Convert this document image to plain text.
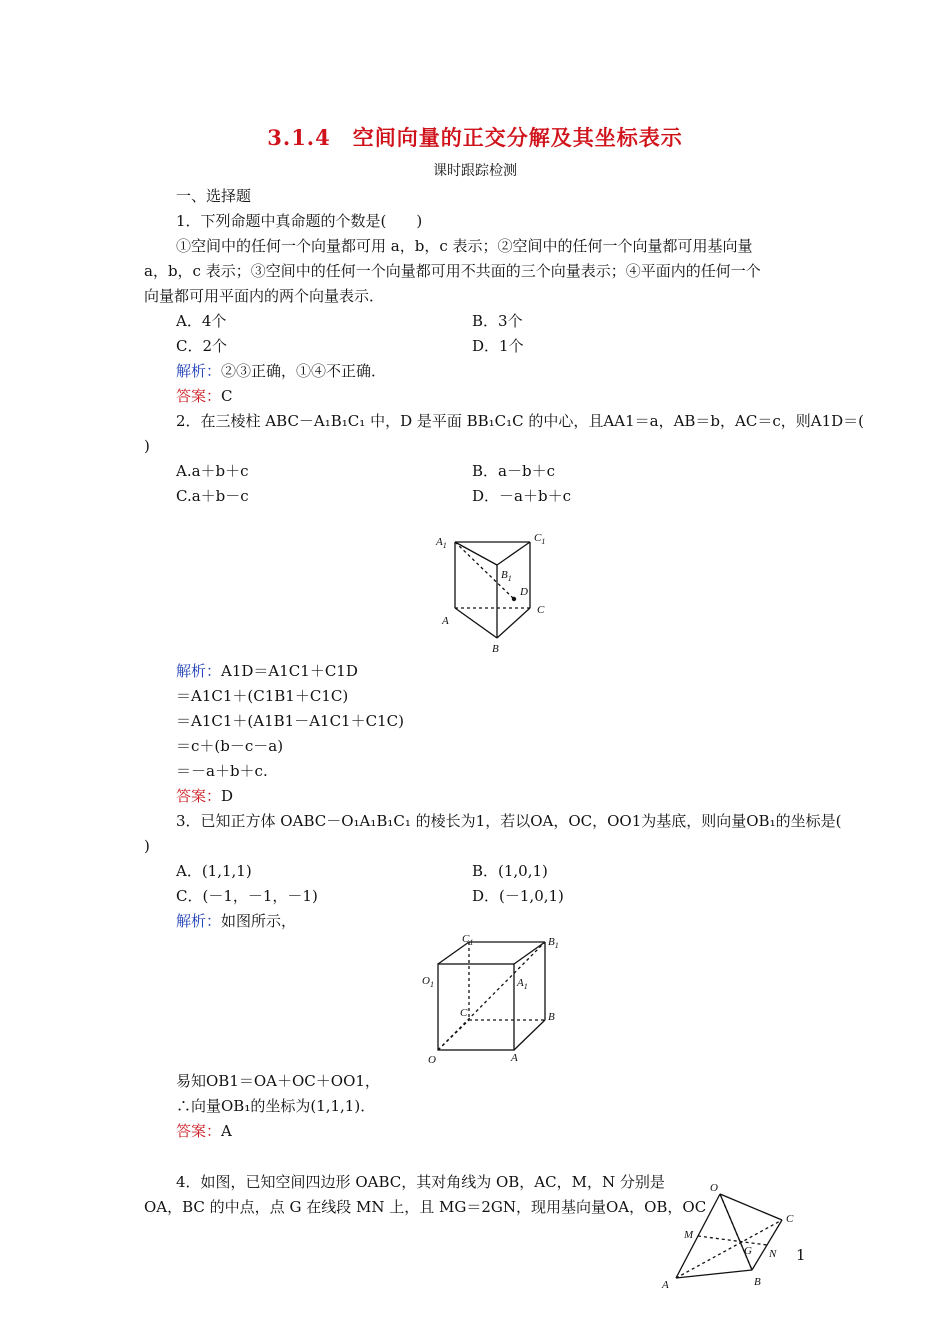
3.1.4　空间向量的正交分解及其坐标表示
课时跟踪检测
一、选择题
1．下列命题中真命题的个数是(　　)
①空间中的任何一个向量都可用 a，b，c 表示；②空间中的任何一个向量都可用基向量
a，b，c 表示；③空间中的任何一个向量都可用不共面的三个向量表示；④平面内的任何一个
向量都可用平面内的两个向量表示．
A．4个	B．3个
C．2个	D．1个
解析：②③正确，①④不正确．
答案：C
2．在三棱柱 ABC－A₁B₁C₁ 中，D 是平面 BB₁C₁C 的中心，且AA1＝a，AB＝b，AC＝c，则A1D＝(
)
A.a＋b＋c	B．a－b＋c
C.a＋b－c	D．－a＋b＋c
$A_1$
$C_1$
$B_1$
D
C
A
B
解析：A1D＝A1C1＋C1D
＝A1C1＋(C1B1＋C1C)
＝A1C1＋(A1B1－A1C1＋C1C)
＝c＋(b－c－a)
＝－a＋b＋c.
答案：D
3．已知正方体 OABC－O₁A₁B₁C₁ 的棱长为1，若以OA，OC，OO1为基底，则向量OB₁的坐标是(
)
A．(1,1,1)	B．(1,0,1)
C．(－1，－1，－1)	D．(－1,0,1)
解析：如图所示，
$C_1$	$B_1$
$O_1$	$A_1$
C	B
O	A
易知OB1＝OA＋OC＋OO1，
∴向量OB₁的坐标为(1,1,1)．
答案：A
4．如图，已知空间四边形 OABC，其对角线为 OB，AC，M，N 分别是
OA，BC 的中点，点 G 在线段 MN 上，且 MG＝2GN，现用基向量OA，OB，OC
O
C
M
N
G
A	B
1
